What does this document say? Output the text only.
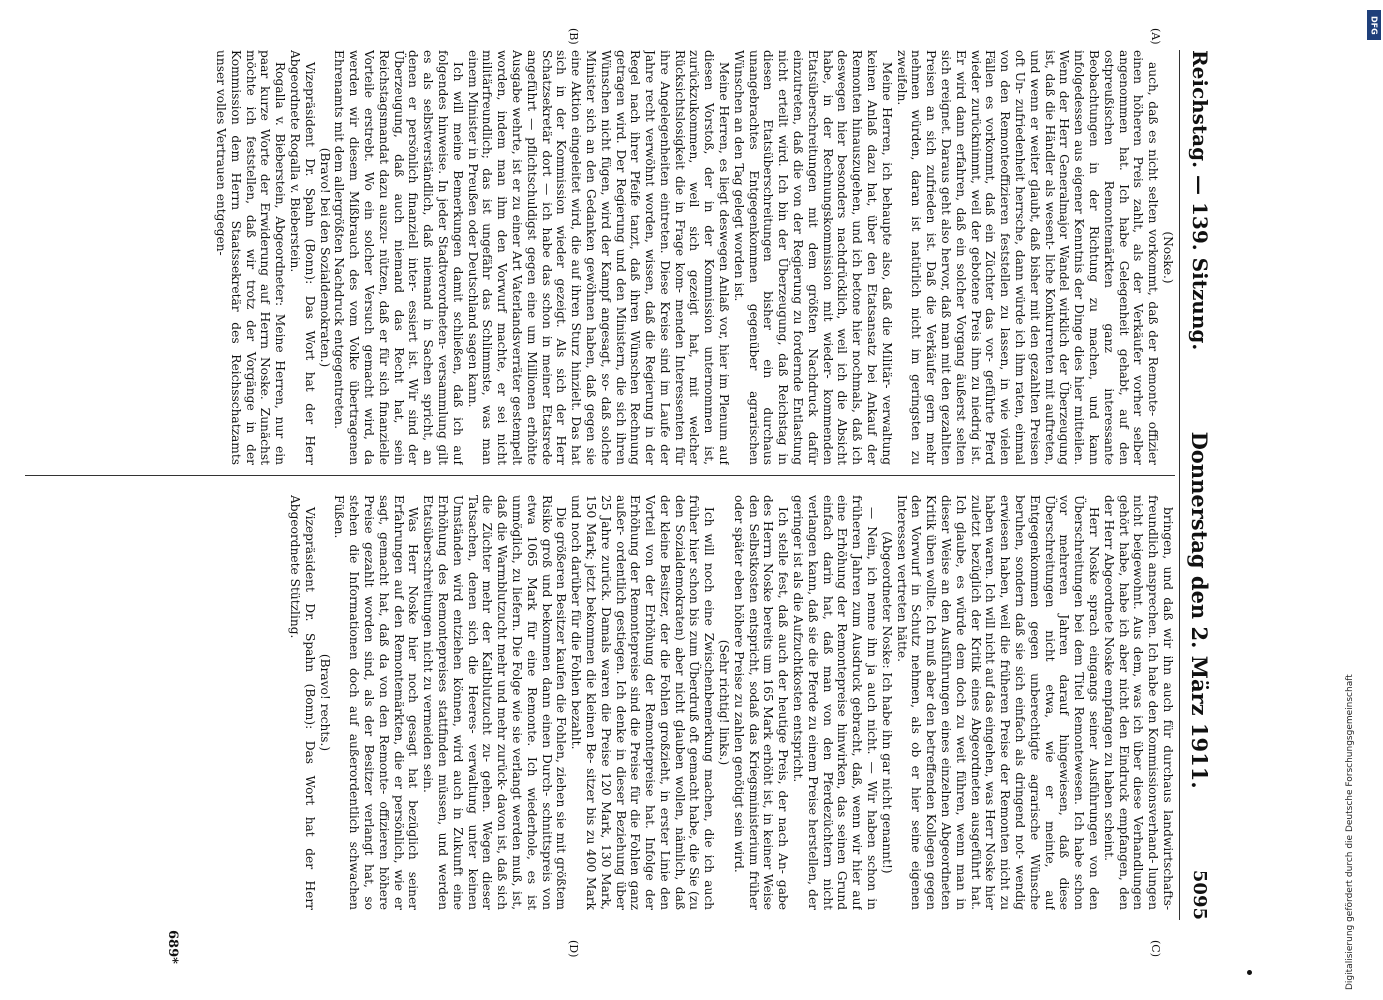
Reichstag. — 139. Sitzung.
Donnerstag den 2. März 1911.
5095
(A)
(B)
(C)
(D)

(Noske.)

auch, daß es nicht selten vorkommt, daß der Remonte- offizier einen höheren Preis zahlt, als der Verkäufer vorher selber angenommen hat. Ich habe Gelegenheit gehabt, auf den ostpreußischen Remontemärkten ganz interessante Beobachtungen in der Richtung zu machen, und kann infolgedessen aus eigener Kenntnis der Dinge dies hier mitteilen. Wenn der Herr Generalmajor Wandel wirklich der Überzeugung ist, daß die Händler als wesent- liche Konkurrenten mit auftreten, und wenn er weiter glaubt, daß bisher mit den gezahlten Preisen oft Un- zufriedenheit herrsche, dann würde ich ihm raten, einmal von den Remonteoffizieren feststellen zu lassen, in wie vielen Fällen es vorkommt, daß ein Züchter das vor- geführte Pferd wieder zurücknimmt, weil der gebotene Preis ihm zu niedrig ist. Er wird dann erfahren, daß ein solcher Vorgang äußerst selten sich ereignet. Daraus geht also hervor, daß man mit den gezahlten Preisen an sich zufrieden ist. Daß die Verkäufer gern mehr nehmen würden, daran ist natürlich nicht im geringsten zu zweifeln.

Meine Herren, ich behaupte also, daß die Militär- verwaltung keinen Anlaß dazu hat, über den Etatsansatz bei Ankauf der Remonten hinauszugehen, und ich betone hier nochmals, daß ich deswegen hier besonders nachdrücklich, weil ich die Absicht habe, in der Rechnungskommission mit wieder- kommenden Etatsüberschreitungen mit dem größten Nachdruck dafür einzutreten, daß die von der Regierung zu fordernde Entlastung nicht erteilt wird. Ich bin der Überzeugung, daß Reichstag in diesen Etatsüberschreitungen bisher ein durchaus unangebrachtes Entgegenkommen gegenüber agrarischen Wünschen an den Tag gelegt worden ist.

Meine Herren, es liegt deswegen Anlaß vor, hier im Plenum auf diesen Vorstoß, der in der Kommission unternommen ist, zurückzukommen, weil sich gezeigt hat, mit welcher Rücksichtslosigkeit die in Frage kom- menden Interessenten für ihre Angelegenheiten eintreten. Diese Kreise sind im Laufe der Jahre recht verwöhnt worden, wissen, daß die Regierung in der Regel nach ihrer Pfeife tanzt, daß ihren Wünschen Rechnung getragen wird. Der Regierung und den Ministern, die sich ihren Wünschen nicht fügen, wird der Kampf angesagt, so- daß solche Minister sich an den Gedanken gewöhnen haben, daß gegen sie eine Aktion eingeleitet wird, die auf ihren Sturz hinzielt. Das hat sich in der Kommission wieder gezeigt. Als sich der Herr Schatzsekretär dort — ich habe das schon in meiner Etatsrede angeführt — pflichtschuldigst gegen eine um Millionen erhöhte Ausgabe wehrte, ist er zu einer Art Vaterlandsverräter gestempelt worden, indem man ihm den Vorwurf machte, er sei nicht militärfreundlich; das ist ungefähr das Schlimmste, was man einem Minister in Preußen oder Deutschland sagen kann.

Ich will meine Bemerkungen damit schließen, daß ich auf folgendes hinweise. In jeder Stadtverordneten- versammlung gilt es als selbstverständlich, daß niemand in Sachen spricht, an denen er persönlich finanziell inter- essiert ist. Wir sind der Überzeugung, daß auch niemand das Recht hat, sein Reichstagsmandat dazu auszu- nützen, daß er für sich finanzielle Vorteile erstrebt. Wo ein solcher Versuch gemacht wird, da werden wir diesem Mißbrauch des vom Volke übertragenen Ehrenamts mit dem allergrößten Nachdruck entgegentreten.

(Bravo! bei den Sozialdemokraten.)

Vizepräsident Dr. Spahn (Bonn): Das Wort hat der Herr Abgeordnete Rogalla v. Bieberstein.

Rogalla v. Bieberstein, Abgeordneter: Meine Herren, nur ein paar kurze Worte der Erwiderung auf Herrn Noske. Zunächst möchte ich feststellen, daß wir trotz der Vorgänge in der Kommission dem Herrn Staatssekretär des Reichsschatzamts unser volles Vertrauen entgegen-

bringen, und daß wir ihn auch für durchaus landwirtschafts- freundlich ansprechen. Ich habe den Kommissionsverhand- lungen nicht beigewohnt. Aus dem, was ich über diese Verhandlungen gehört habe, habe ich aber nicht den Eindruck empfangen, den der Herr Abgeordnete Noske empfangen zu haben scheint.

Herr Noske sprach eingangs seiner Ausführungen von den Überschreitungen bei dem Titel Remontewesen. Ich habe schon vor mehreren Jahren darauf hingewiesen, daß diese Überschreitungen nicht etwa, wie er meinte, auf Entgegenkommen gegen unberechtigte agrarische Wünsche beruhen, sondern daß sie sich einfach als dringend not- wendig erwiesen haben, weil die früheren Preise der Remonten nicht zu haben waren. Ich will nicht auf das eingehen, was Herr Noske hier zuletzt bezüglich der Kritik eines Abgeordneten ausgeführt hat. Ich glaube, es würde dem doch zu weit führen, wenn man in dieser Weise an den Ausführungen eines einzelnen Abgeordneten Kritik üben wollte. Ich muß aber den betreffenden Kollegen gegen den Vorwurf in Schutz nehmen, als ob er hier seine eigenen Interessen vertreten hätte.

(Abgeordneter Noske: Ich habe ihn gar nicht genannt!)

— Nein, ich nenne ihn ja auch nicht. — Wir haben schon in früheren Jahren zum Ausdruck gebracht, daß, wenn wir hier auf eine Erhöhung der Remontepreise hinwirken, das seinen Grund einfach darin hat, daß man von den Pferdezüchtern nicht verlangen kann, daß sie die Pferde zu einem Preise herstellen, der geringer ist als die Aufzuchtkosten entspricht.

Ich stelle fest, daß auch der heutige Preis, der nach An- gabe des Herrn Noske bereits um 165 Mark erhöht ist, in keiner Weise den Selbstkosten entspricht, sodaß das Kriegsministerium früher oder später eben höhere Preise zu zahlen genötigt sein wird.

(Sehr richtig! links.)

Ich will noch eine Zwischenbemerkung machen, die ich auch früher hier schon bis zum Überdruß oft gemacht habe, die Sie (zu den Sozialdemokraten) aber nicht glauben wollen, nämlich, daß der kleine Besitzer, der die Fohlen großzieht, in erster Linie den Vorteil von der Erhöhung der Remontepreise hat. Infolge der Erhöhung der Remontepreise sind die Preise für die Fohlen ganz außer- ordentlich gestiegen. Ich denke in dieser Beziehung über 25 Jahre zurück. Damals waren die Preise 120 Mark, 130 Mark, 150 Mark; jetzt bekommen die kleinen Be- sitzer bis zu 400 Mark und noch darüber für die Fohlen bezahlt.

Die größeren Besitzer kaufen die Fohlen, ziehen sie mit größtem Risiko groß und bekommen dann einen Durch- schnittspreis von etwa 1065 Mark für eine Remonte. Ich wiederhole, es ist unmöglich, zu liefern. Die Folge wie sie verlangt werden muß, ist, daß die Warmblutzucht mehr und mehr zurück- davon ist, daß sich die Züchter mehr der Kaltblutzucht zu- gehen. Wegen dieser Tatsachen, denen sich die Heeres- verwaltung unter keinen Umständen wird entziehen können, wird auch in Zukunft eine Erhöhung des Remontepreises stattfinden müssen, und werden Etatsüberschreitungen nicht zu vermeiden sein.

Was Herr Noske hier noch gesagt hat bezüglich seiner Erfahrungen auf den Remontemärkten, die er persönlich, wie er sagt, gemacht hat, daß da von den Remonte- offizieren höhere Preise gezahlt worden sind, als der Besitzer verlangt hat, so stehen die Informationen doch auf außerordentlich schwachen Füßen.

(Bravo! rechts.)

Vizepräsident Dr. Spahn (Bonn): Das Wort hat der Herr Abgeordnete Stützling.

689*	Digitalisierung gefördert durch die Deutsche Forschungsgemeinschaft
DFG
